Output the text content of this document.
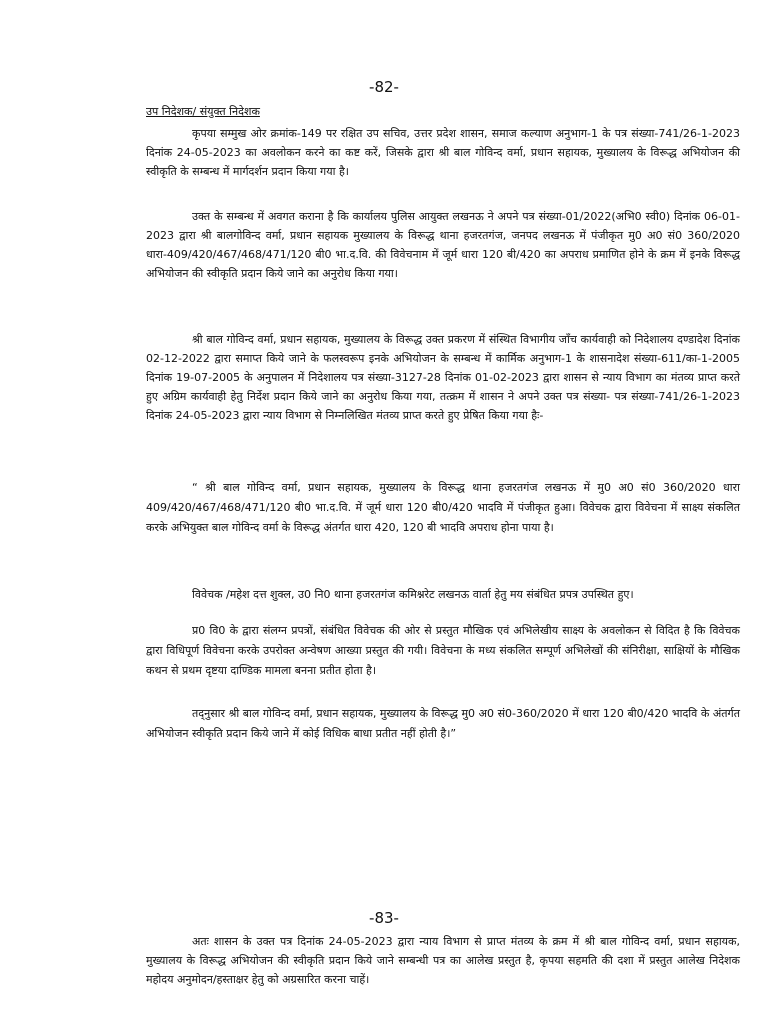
-82-
उप निदेशक/ संयुक्त निदेशक

कृपया सम्मुख ओर क्रमांक-149 पर रक्षित उप सचिव, उत्तर प्रदेश शासन, समाज कल्याण अनुभाग-1 के पत्र संख्या-741/26-1-2023 दिनांक 24-05-2023 का अवलोकन करने का कष्ट करें, जिसके द्वारा श्री बाल गोविन्द वर्मा, प्रधान सहायक, मुख्यालय के विरूद्ध अभियोजन की स्वीकृति के सम्बन्ध में मार्गदर्शन प्रदान किया गया है।

उक्त के सम्बन्ध में अवगत कराना है कि कार्यालय पुलिस आयुक्त लखनऊ ने अपने पत्र संख्या-01/2022(अभि0 स्वी0) दिनांक 06-01-2023 द्वारा श्री बालगोविन्द वर्मा, प्रधान सहायक मुख्यालय के विरूद्ध थाना हजरतगंज, जनपद लखनऊ में पंजीकृत मु0 अ0 सं0 360/2020 धारा-409/420/467/468/471/120 बी0 भा.द.वि. की विवेचनाम में जूर्म धारा 120 बी/420 का अपराध प्रमाणित होने के क्रम में इनके विरूद्ध अभियोजन की स्वीकृति प्रदान किये जाने का अनुरोध किया गया।

श्री बाल गोविन्द वर्मा, प्रधान सहायक, मुख्यालय के विरूद्ध उक्त प्रकरण में संस्थित विभागीय जाँच कार्यवाही को निदेशालय दण्डादेश दिनांक 02-12-2022 द्वारा समाप्त किये जाने के फलस्वरूप इनके अभियोजन के सम्बन्ध में कार्मिक अनुभाग-1 के शासनादेश संख्या-611/का-1-2005 दिनांक 19-07-2005 के अनुपालन में निदेशालय पत्र संख्या-3127-28 दिनांक 01-02-2023 द्वारा शासन से न्याय विभाग का मंतव्य प्राप्त करते हुए अग्रिम कार्यवाही हेतु निर्देश प्रदान किये जाने का अनुरोध किया गया, तत्क्रम में शासन ने अपने उक्त पत्र संख्या- पत्र संख्या-741/26-1-2023 दिनांक 24-05-2023 द्वारा न्याय विभाग से निम्नलिखित मंतव्य प्राप्त करते हुए प्रेषित किया गया हैः-

“ श्री बाल गोविन्द वर्मा, प्रधान सहायक, मुख्यालय के विरूद्ध थाना हजरतगंज लखनऊ में मु0 अ0 सं0 360/2020 धारा 409/420/467/468/471/120 बी0 भा.द.वि. में जूर्म धारा 120 बी0/420 भादवि में पंजीकृत हुआ। विवेचक द्वारा विवेचना में साक्ष्य संकलित करके अभियुक्त बाल गोविन्द वर्मा के विरूद्ध अंतर्गत धारा 420, 120 बी भादवि अपराध होना पाया है।

विवेचक /महेश दत्त शुक्ल, उ0 नि0 थाना हजरतगंज कमिश्नरेट लखनऊ वार्ता हेतु मय संबंधित प्रपत्र उपस्थित हुए।

प्र0 वि0 के द्वारा संलग्न प्रपत्रों, संबंधित विवेचक की ओर से प्रस्तुत मौखिक एवं अभिलेखीय साक्ष्य के अवलोकन से विदित है कि विवेचक द्वारा विधिपूर्ण विवेचना करके उपरोक्त अन्वेषण आख्या प्रस्तुत की गयी। विवेचना के मध्य संकलित सम्पूर्ण अभिलेखों की संनिरीक्षा, साक्षियों के मौखिक कथन से प्रथम दृष्टया दाण्डिक मामला बनना प्रतीत होता है।

तद्नुसार श्री बाल गोविन्द वर्मा, प्रधान सहायक, मुख्यालय के विरूद्ध मु0 अ0 सं0-360/2020 में धारा 120 बी0/420 भादवि के अंतर्गत अभियोजन स्वीकृति प्रदान किये जाने में कोई विधिक बाधा प्रतीत नहीं होती है।”

-83-

अतः शासन के उक्त पत्र दिनांक 24-05-2023 द्वारा न्याय विभाग से प्राप्त मंतव्य के क्रम में श्री बाल गोविन्द वर्मा, प्रधान सहायक, मुख्यालय के विरूद्ध अभियोजन की स्वीकृति प्रदान किये जाने सम्बन्धी पत्र का आलेख प्रस्तुत है, कृपया सहमति की दशा में प्रस्तुत आलेख निदेशक महोदय अनुमोदन/हस्ताक्षर हेतु को अग्रसारित करना चाहें।
